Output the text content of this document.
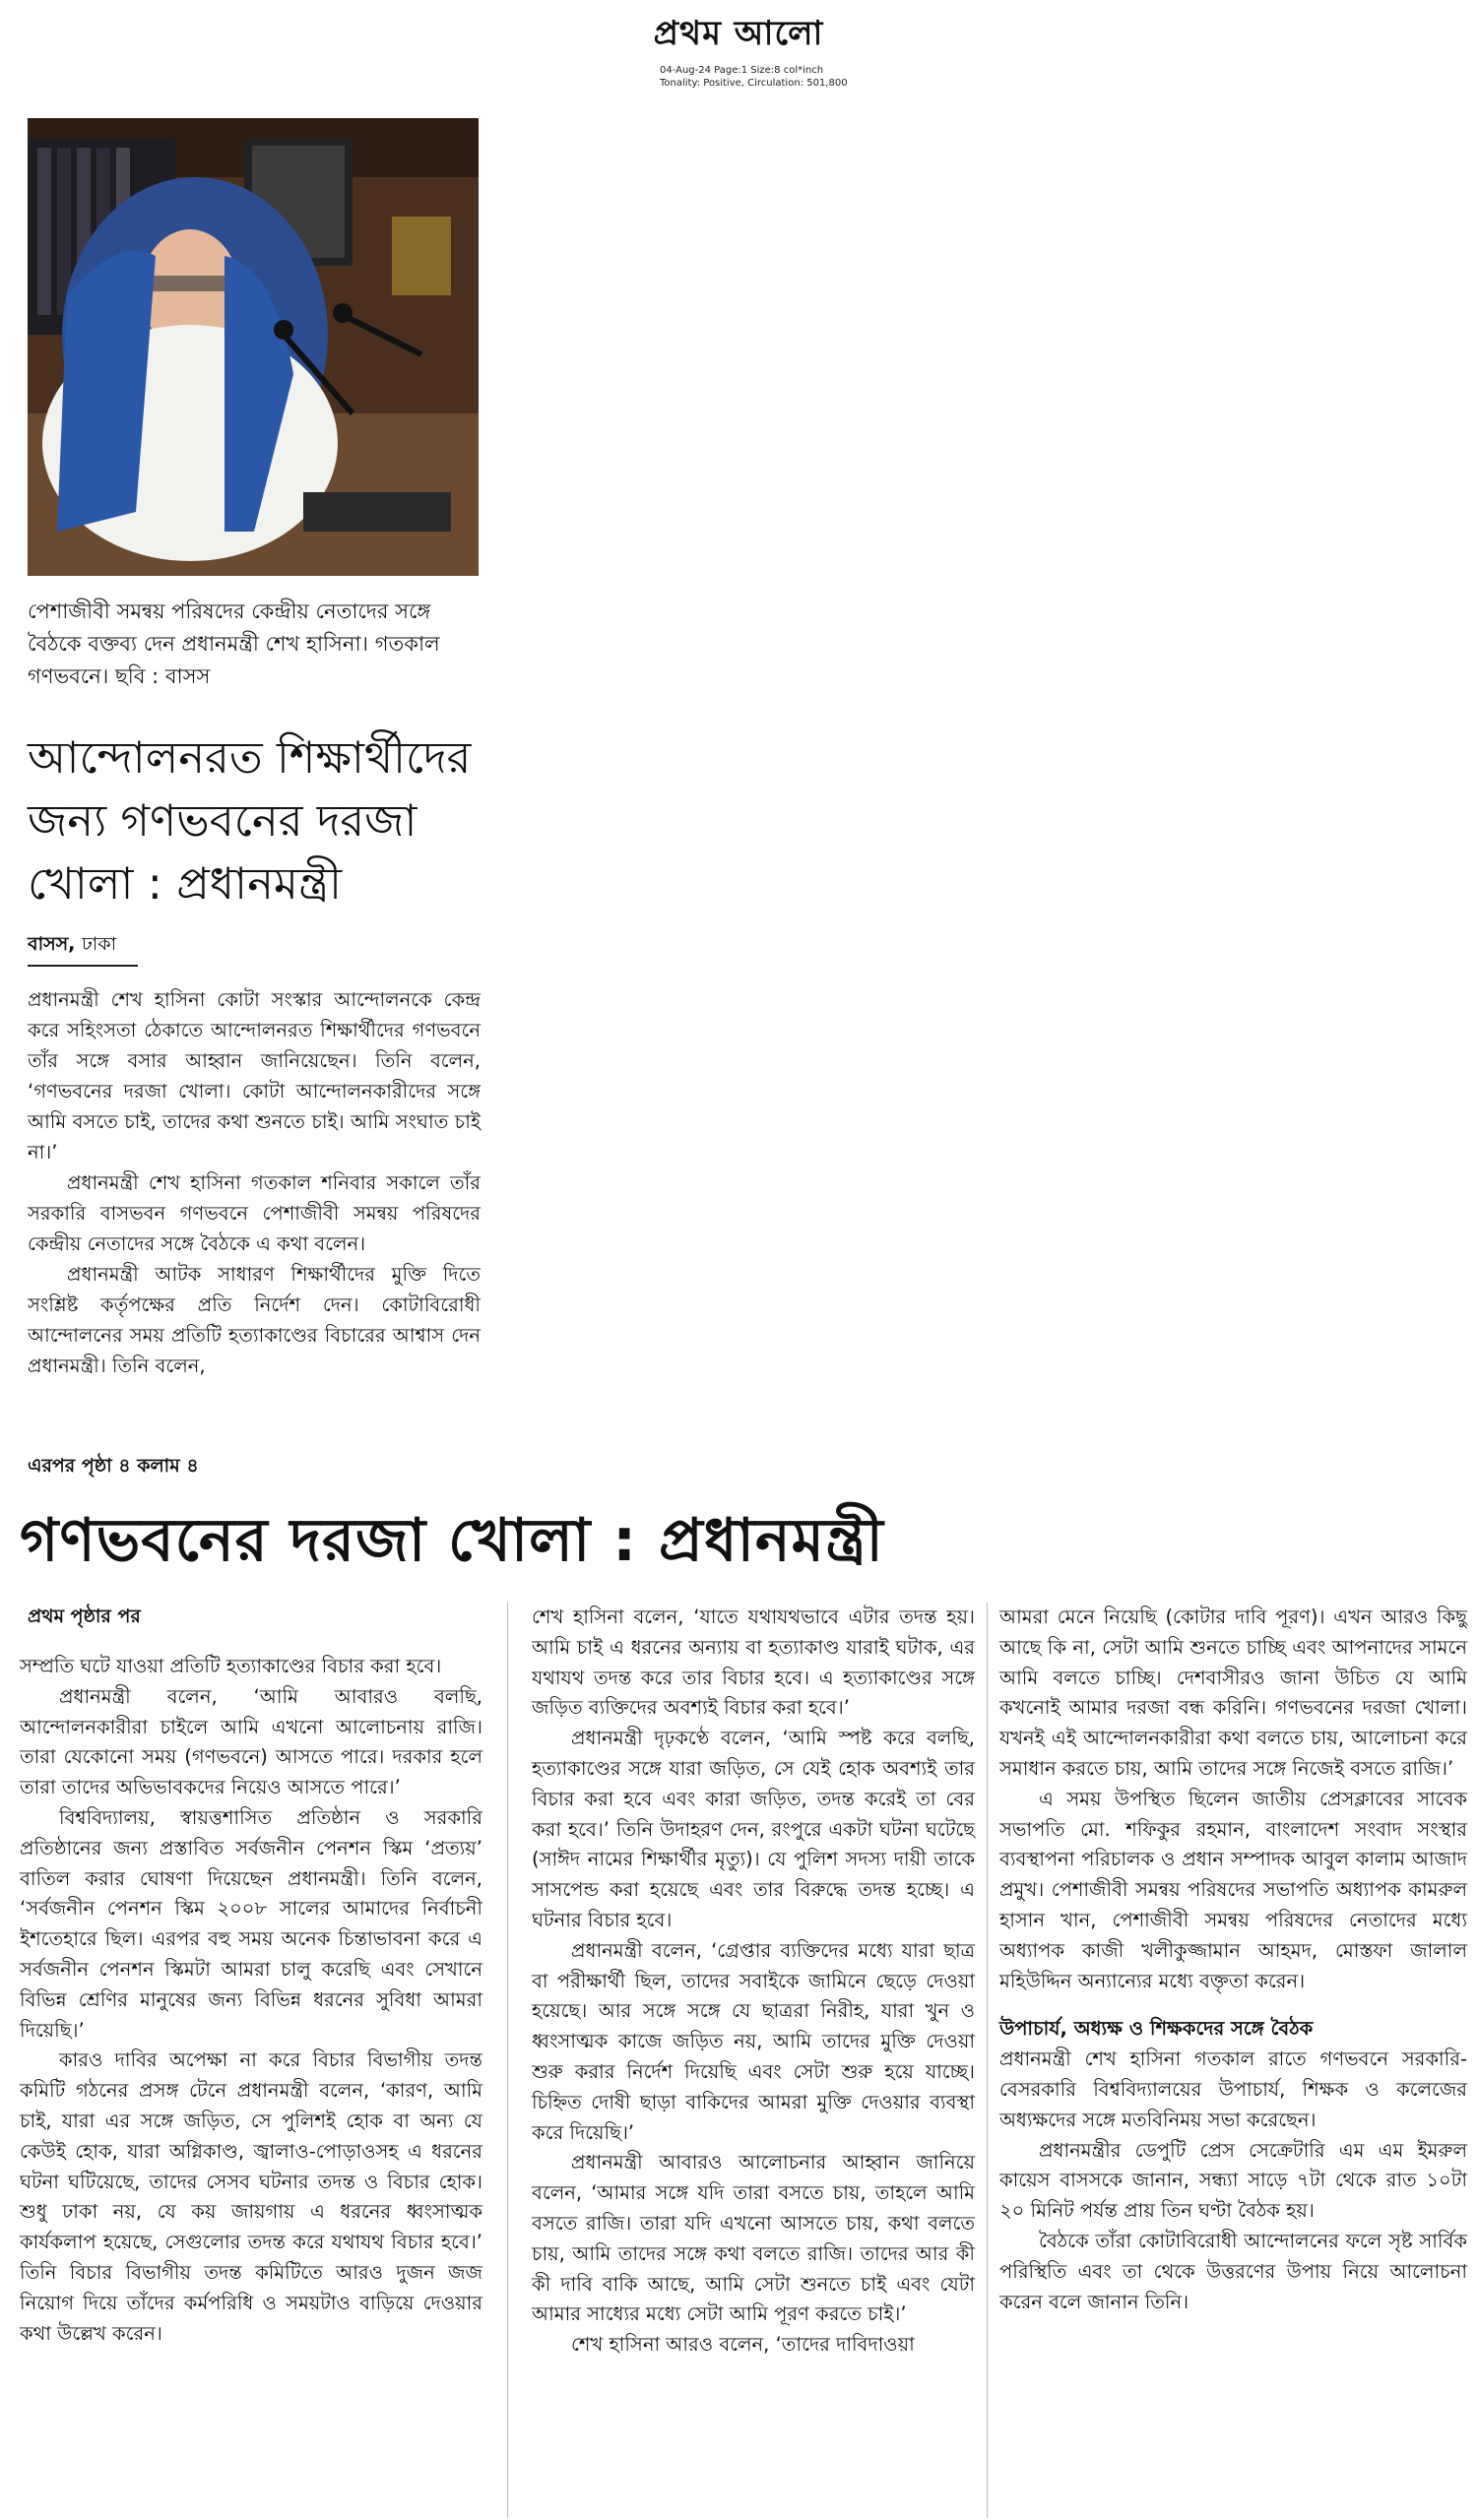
প্রথম আলো
04-Aug-24 Page:1 Size:8 col*inch
Tonality: Positive, Circulation: 501,800
পেশাজীবী সমন্বয় পরিষদের কেন্দ্রীয় নেতাদের সঙ্গে বৈঠকে বক্তব্য দেন প্রধানমন্ত্রী শেখ হাসিনা। গতকাল গণভবনে। ছবি : বাসস
আন্দোলনরত শিক্ষার্থীদের জন্য গণভবনের দরজা খোলা : প্রধানমন্ত্রী
বাসস, ঢাকা

প্রধানমন্ত্রী শেখ হাসিনা কোটা সংস্কার আন্দোলনকে কেন্দ্র করে সহিংসতা ঠেকাতে আন্দোলনরত শিক্ষার্থীদের গণভবনে তাঁর সঙ্গে বসার আহ্বান জানিয়েছেন। তিনি বলেন, ‘গণভবনের দরজা খোলা। কোটা আন্দোলনকারীদের সঙ্গে আমি বসতে চাই, তাদের কথা শুনতে চাই। আমি সংঘাত চাই না।’

প্রধানমন্ত্রী শেখ হাসিনা গতকাল শনিবার সকালে তাঁর সরকারি বাসভবন গণভবনে পেশাজীবী সমন্বয় পরিষদের কেন্দ্রীয় নেতাদের সঙ্গে বৈঠকে এ কথা বলেন।

প্রধানমন্ত্রী আটক সাধারণ শিক্ষার্থীদের মুক্তি দিতে সংশ্লিষ্ট কর্তৃপক্ষের প্রতি নির্দেশ দেন। কোটাবিরোধী আন্দোলনের সময় প্রতিটি হত্যাকাণ্ডের বিচারের আশ্বাস দেন প্রধানমন্ত্রী। তিনি বলেন,

এরপর পৃষ্ঠা ৪ কলাম ৪
গণভবনের দরজা খোলা : প্রধানমন্ত্রী
প্রথম পৃষ্ঠার পর

সম্প্রতি ঘটে যাওয়া প্রতিটি হত্যাকাণ্ডের বিচার করা হবে।

প্রধানমন্ত্রী বলেন, ‘আমি আবারও বলছি, আন্দোলনকারীরা চাইলে আমি এখনো আলোচনায় রাজি। তারা যেকোনো সময় (গণভবনে) আসতে পারে। দরকার হলে তারা তাদের অভিভাবকদের নিয়েও আসতে পারে।’

বিশ্ববিদ্যালয়, স্বায়ত্তশাসিত প্রতিষ্ঠান ও সরকারি প্রতিষ্ঠানের জন্য প্রস্তাবিত সর্বজনীন পেনশন স্কিম ‘প্রত্যয়’ বাতিল করার ঘোষণা দিয়েছেন প্রধানমন্ত্রী। তিনি বলেন, ‘সর্বজনীন পেনশন স্কিম ২০০৮ সালের আমাদের নির্বাচনী ইশতেহারে ছিল। এরপর বহু সময় অনেক চিন্তাভাবনা করে এ সর্বজনীন পেনশন স্কিমটা আমরা চালু করেছি এবং সেখানে বিভিন্ন শ্রেণির মানুষের জন্য বিভিন্ন ধরনের সুবিধা আমরা দিয়েছি।’

কারও দাবির অপেক্ষা না করে বিচার বিভাগীয় তদন্ত কমিটি গঠনের প্রসঙ্গ টেনে প্রধানমন্ত্রী বলেন, ‘কারণ, আমি চাই, যারা এর সঙ্গে জড়িত, সে পুলিশই হোক বা অন্য যে কেউই হোক, যারা অগ্নিকাণ্ড, জ্বালাও-পোড়াওসহ এ ধরনের ঘটনা ঘটিয়েছে, তাদের সেসব ঘটনার তদন্ত ও বিচার হোক। শুধু ঢাকা নয়, যে কয় জায়গায় এ ধরনের ধ্বংসাত্মক কার্যকলাপ হয়েছে, সেগুলোর তদন্ত করে যথাযথ বিচার হবে।’ তিনি বিচার বিভাগীয় তদন্ত কমিটিতে আরও দুজন জজ নিয়োগ দিয়ে তাঁদের কর্মপরিধি ও সময়টাও বাড়িয়ে দেওয়ার কথা উল্লেখ করেন।

শেখ হাসিনা বলেন, ‘যাতে যথাযথভাবে এটার তদন্ত হয়। আমি চাই এ ধরনের অন্যায় বা হত্যাকাণ্ড যারাই ঘটাক, এর যথাযথ তদন্ত করে তার বিচার হবে। এ হত্যাকাণ্ডের সঙ্গে জড়িত ব্যক্তিদের অবশ্যই বিচার করা হবে।’

প্রধানমন্ত্রী দৃঢ়কণ্ঠে বলেন, ‘আমি স্পষ্ট করে বলছি, হত্যাকাণ্ডের সঙ্গে যারা জড়িত, সে যেই হোক অবশ্যই তার বিচার করা হবে এবং কারা জড়িত, তদন্ত করেই তা বের করা হবে।’ তিনি উদাহরণ দেন, রংপুরে একটা ঘটনা ঘটেছে (সাঈদ নামের শিক্ষার্থীর মৃত্যু)। যে পুলিশ সদস্য দায়ী তাকে সাসপেন্ড করা হয়েছে এবং তার বিরুদ্ধে তদন্ত হচ্ছে। এ ঘটনার বিচার হবে।

প্রধানমন্ত্রী বলেন, ‘গ্রেপ্তার ব্যক্তিদের মধ্যে যারা ছাত্র বা পরীক্ষার্থী ছিল, তাদের সবাইকে জামিনে ছেড়ে দেওয়া হয়েছে। আর সঙ্গে সঙ্গে যে ছাত্ররা নিরীহ, যারা খুন ও ধ্বংসাত্মক কাজে জড়িত নয়, আমি তাদের মুক্তি দেওয়া শুরু করার নির্দেশ দিয়েছি এবং সেটা শুরু হয়ে যাচ্ছে। চিহ্নিত দোষী ছাড়া বাকিদের আমরা মুক্তি দেওয়ার ব্যবস্থা করে দিয়েছি।’

প্রধানমন্ত্রী আবারও আলোচনার আহ্বান জানিয়ে বলেন, ‘আমার সঙ্গে যদি তারা বসতে চায়, তাহলে আমি বসতে রাজি। তারা যদি এখনো আসতে চায়, কথা বলতে চায়, আমি তাদের সঙ্গে কথা বলতে রাজি। তাদের আর কী কী দাবি বাকি আছে, আমি সেটা শুনতে চাই এবং যেটা আমার সাধ্যের মধ্যে সেটা আমি পূরণ করতে চাই।’

শেখ হাসিনা আরও বলেন, ‘তাদের দাবিদাওয়া

আমরা মেনে নিয়েছি (কোটার দাবি পূরণ)। এখন আরও কিছু আছে কি না, সেটা আমি শুনতে চাচ্ছি এবং আপনাদের সামনে আমি বলতে চাচ্ছি। দেশবাসীরও জানা উচিত যে আমি কখনোই আমার দরজা বন্ধ করিনি। গণভবনের দরজা খোলা। যখনই এই আন্দোলনকারীরা কথা বলতে চায়, আলোচনা করে সমাধান করতে চায়, আমি তাদের সঙ্গে নিজেই বসতে রাজি।’

এ সময় উপস্থিত ছিলেন জাতীয় প্রেসক্লাবের সাবেক সভাপতি মো. শফিকুর রহমান, বাংলাদেশ সংবাদ সংস্থার ব্যবস্থাপনা পরিচালক ও প্রধান সম্পাদক আবুল কালাম আজাদ প্রমুখ। পেশাজীবী সমন্বয় পরিষদের সভাপতি অধ্যাপক কামরুল হাসান খান, পেশাজীবী সমন্বয় পরিষদের নেতাদের মধ্যে অধ্যাপক কাজী খলীকুজ্জামান আহমদ, মোস্তফা জালাল মহিউদ্দিন অন্যান্যের মধ্যে বক্তৃতা করেন।

উপাচার্য, অধ্যক্ষ ও শিক্ষকদের সঙ্গে বৈঠক

প্রধানমন্ত্রী শেখ হাসিনা গতকাল রাতে গণভবনে সরকারি-বেসরকারি বিশ্ববিদ্যালয়ের উপাচার্য, শিক্ষক ও কলেজের অধ্যক্ষদের সঙ্গে মতবিনিময় সভা করেছেন।

প্রধানমন্ত্রীর ডেপুটি প্রেস সেক্রেটারি এম এম ইমরুল কায়েস বাসসকে জানান, সন্ধ্যা সাড়ে ৭টা থেকে রাত ১০টা ২০ মিনিট পর্যন্ত প্রায় তিন ঘণ্টা বৈঠক হয়।

বৈঠকে তাঁরা কোটাবিরোধী আন্দোলনের ফলে সৃষ্ট সার্বিক পরিস্থিতি এবং তা থেকে উত্তরণের উপায় নিয়ে আলোচনা করেন বলে জানান তিনি।
